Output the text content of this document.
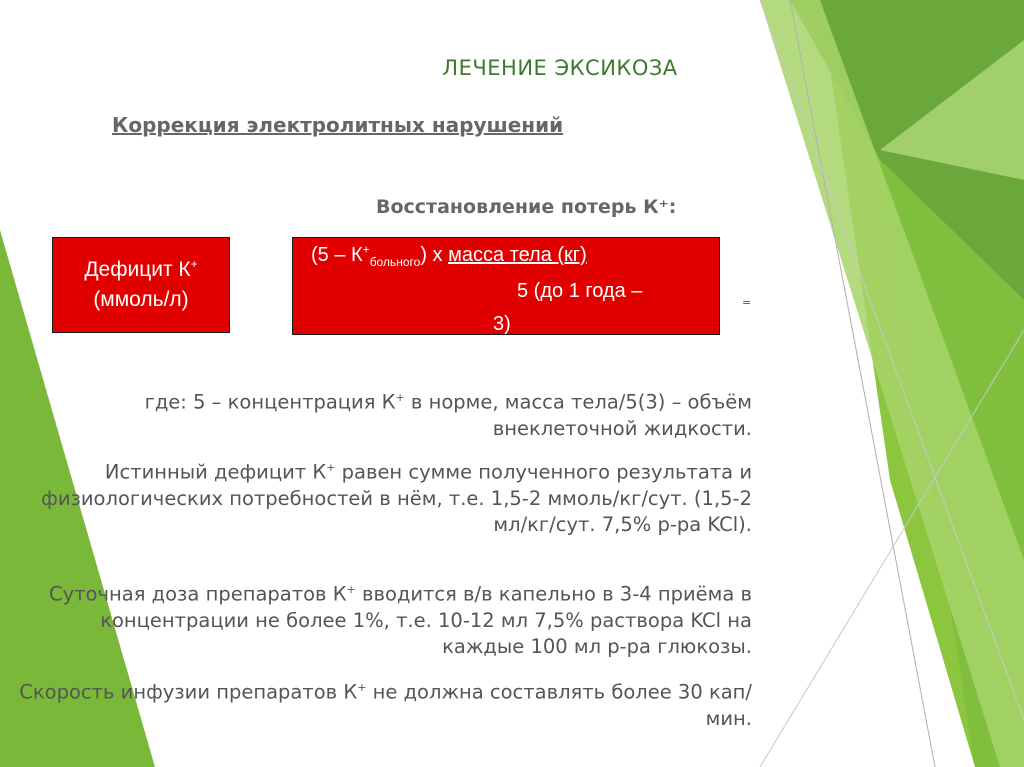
ЛЕЧЕНИЕ ЭКСИКОЗА
Коррекция электролитных нарушений
Восстановление потерь К⁺:
Дефицит К+
(ммоль/л)
$(5 - К^+_{больного})$ х масса тела (кг)
5 (до 1 года –
3)
=
где: 5 – концентрация К+ в норме, масса тела/5(3) – объём внеклеточной жидкости.
Истинный дефицит К+ равен сумме полученного результата и физиологических потребностей в нём, т.е. 1,5-2 ммоль/кг/сут. (1,5-2 мл/кг/сут. 7,5% р-ра KCl).
Суточная доза препаратов К+ вводится в/в капельно в 3-4 приёма в концентрации не более 1%, т.е. 10-12 мл 7,5% раствора KCl на каждые 100 мл р-ра глюкозы.
Скорость инфузии препаратов К+ не должна составлять более 30 кап/мин.
